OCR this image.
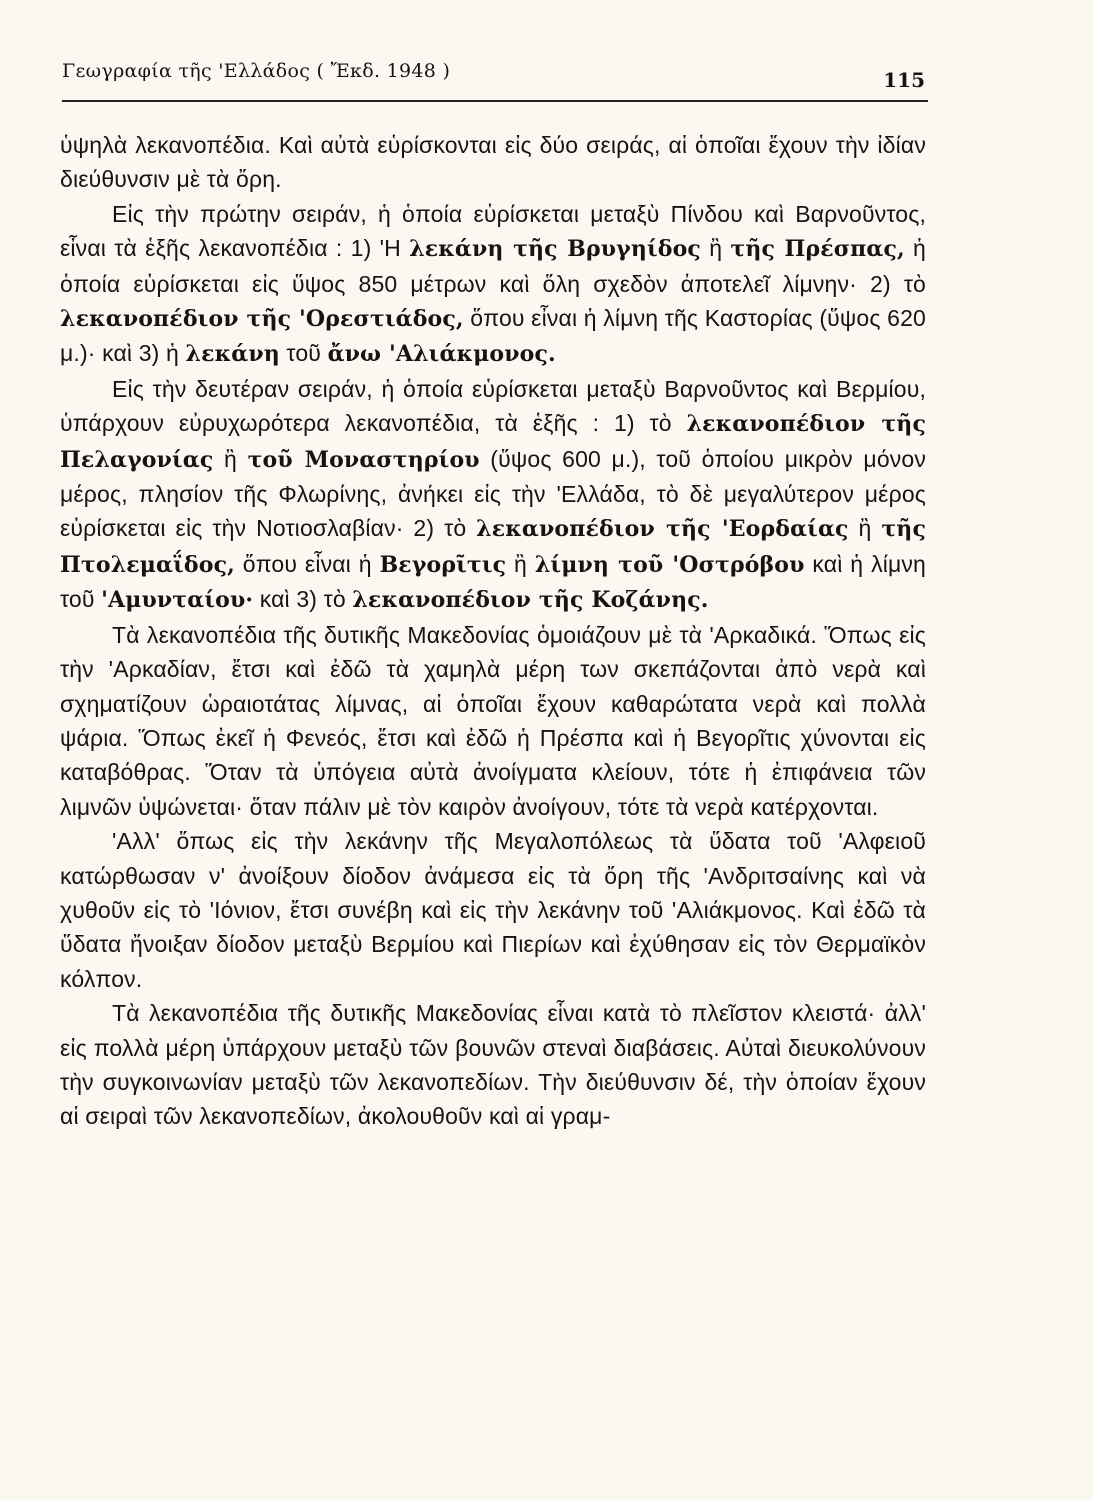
Γεωγραφία τῆς 'Ελλάδος ( Ἔκδ. 1948 )	115

ὑψηλὰ λεκανοπέδια. Καὶ αὐτὰ εὑρίσκονται εἰς δύο σειράς, αἱ ὁποῖαι ἔχουν τὴν ἰδίαν διεύθυνσιν μὲ τὰ ὄρη.

Εἰς τὴν πρώτην σειράν, ἡ ὁποία εὑρίσκεται μεταξὺ Πίνδου καὶ Βαρνοῦντος, εἶναι τὰ ἑξῆς λεκανοπέδια : 1) 'Η λεκάνη τῆς Βρυγηίδος ἢ τῆς Πρέσπας, ἡ ὁποία εὑρίσκεται εἰς ὕψος 850 μέτρων καὶ ὅλη σχεδὸν ἀποτελεῖ λίμνην· 2) τὸ λεκανοπέδιον τῆς 'Ορεστιάδος, ὅπου εἶναι ἡ λίμνη τῆς Καστορίας (ὕψος 620 μ.)· καὶ 3) ἡ λεκάνη τοῦ ἄνω 'Αλιάκμονος.

Εἰς τὴν δευτέραν σειράν, ἡ ὁποία εὑρίσκεται μεταξὺ Βαρνοῦντος καὶ Βερμίου, ὑπάρχουν εὐρυχωρότερα λεκανοπέδια, τὰ ἑξῆς : 1) τὸ λεκανοπέδιον τῆς Πελαγονίας ἢ τοῦ Μοναστηρίου (ὕψος 600 μ.), τοῦ ὁποίου μικρὸν μόνον μέρος, πλησίον τῆς Φλωρίνης, ἀνήκει εἰς τὴν 'Ελλάδα, τὸ δὲ μεγαλύτερον μέρος εὑρίσκεται εἰς τὴν Νοτιοσλαβίαν· 2) τὸ λεκανοπέδιον τῆς 'Εορδαίας ἢ τῆς Πτολεμαΐδος, ὅπου εἶναι ἡ Βεγορῖτις ἢ λίμνη τοῦ 'Οστρόβου καὶ ἡ λίμνη τοῦ 'Αμυνταίου· καὶ 3) τὸ λεκανοπέδιον τῆς Κοζάνης.

Τὰ λεκανοπέδια τῆς δυτικῆς Μακεδονίας ὁμοιάζουν μὲ τὰ 'Αρκαδικά. Ὅπως εἰς τὴν 'Αρκαδίαν, ἔτσι καὶ ἐδῶ τὰ χαμηλὰ μέρη των σκεπάζονται ἀπὸ νερὰ καὶ σχηματίζουν ὡραιοτάτας λίμνας, αἱ ὁποῖαι ἔχουν καθαρώτατα νερὰ καὶ πολλὰ ψάρια. Ὅπως ἐκεῖ ἡ Φενεός, ἔτσι καὶ ἐδῶ ἡ Πρέσπα καὶ ἡ Βεγορῖτις χύνονται εἰς καταβόθρας. Ὅταν τὰ ὑπόγεια αὐτὰ ἀνοίγματα κλείουν, τότε ἡ ἐπιφάνεια τῶν λιμνῶν ὑψώνεται· ὅταν πάλιν μὲ τὸν καιρὸν ἀνοίγουν, τότε τὰ νερὰ κατέρχονται.

'Αλλ' ὅπως εἰς τὴν λεκάνην τῆς Μεγαλοπόλεως τὰ ὕδατα τοῦ 'Αλφειοῦ κατώρθωσαν ν' ἀνοίξουν δίοδον ἀνάμεσα εἰς τὰ ὄρη τῆς 'Ανδριτσαίνης καὶ νὰ χυθοῦν εἰς τὸ 'Ιόνιον, ἔτσι συνέβη καὶ εἰς τὴν λεκάνην τοῦ 'Αλιάκμονος. Καὶ ἐδῶ τὰ ὕδατα ἤνοιξαν δίοδον μεταξὺ Βερμίου καὶ Πιερίων καὶ ἐχύθησαν εἰς τὸν Θερμαϊκὸν κόλπον.

Τὰ λεκανοπέδια τῆς δυτικῆς Μακεδονίας εἶναι κατὰ τὸ πλεῖστον κλειστά· ἀλλ' εἰς πολλὰ μέρη ὑπάρχουν μεταξὺ τῶν βουνῶν στεναὶ διαβάσεις. Αὐταὶ διευκολύνουν τὴν συγκοινωνίαν μεταξὺ τῶν λεκανοπεδίων. Τὴν διεύθυνσιν δέ, τὴν ὁποίαν ἔχουν αἱ σειραὶ τῶν λεκανοπεδίων, ἀκολουθοῦν καὶ αἱ γραμ-
